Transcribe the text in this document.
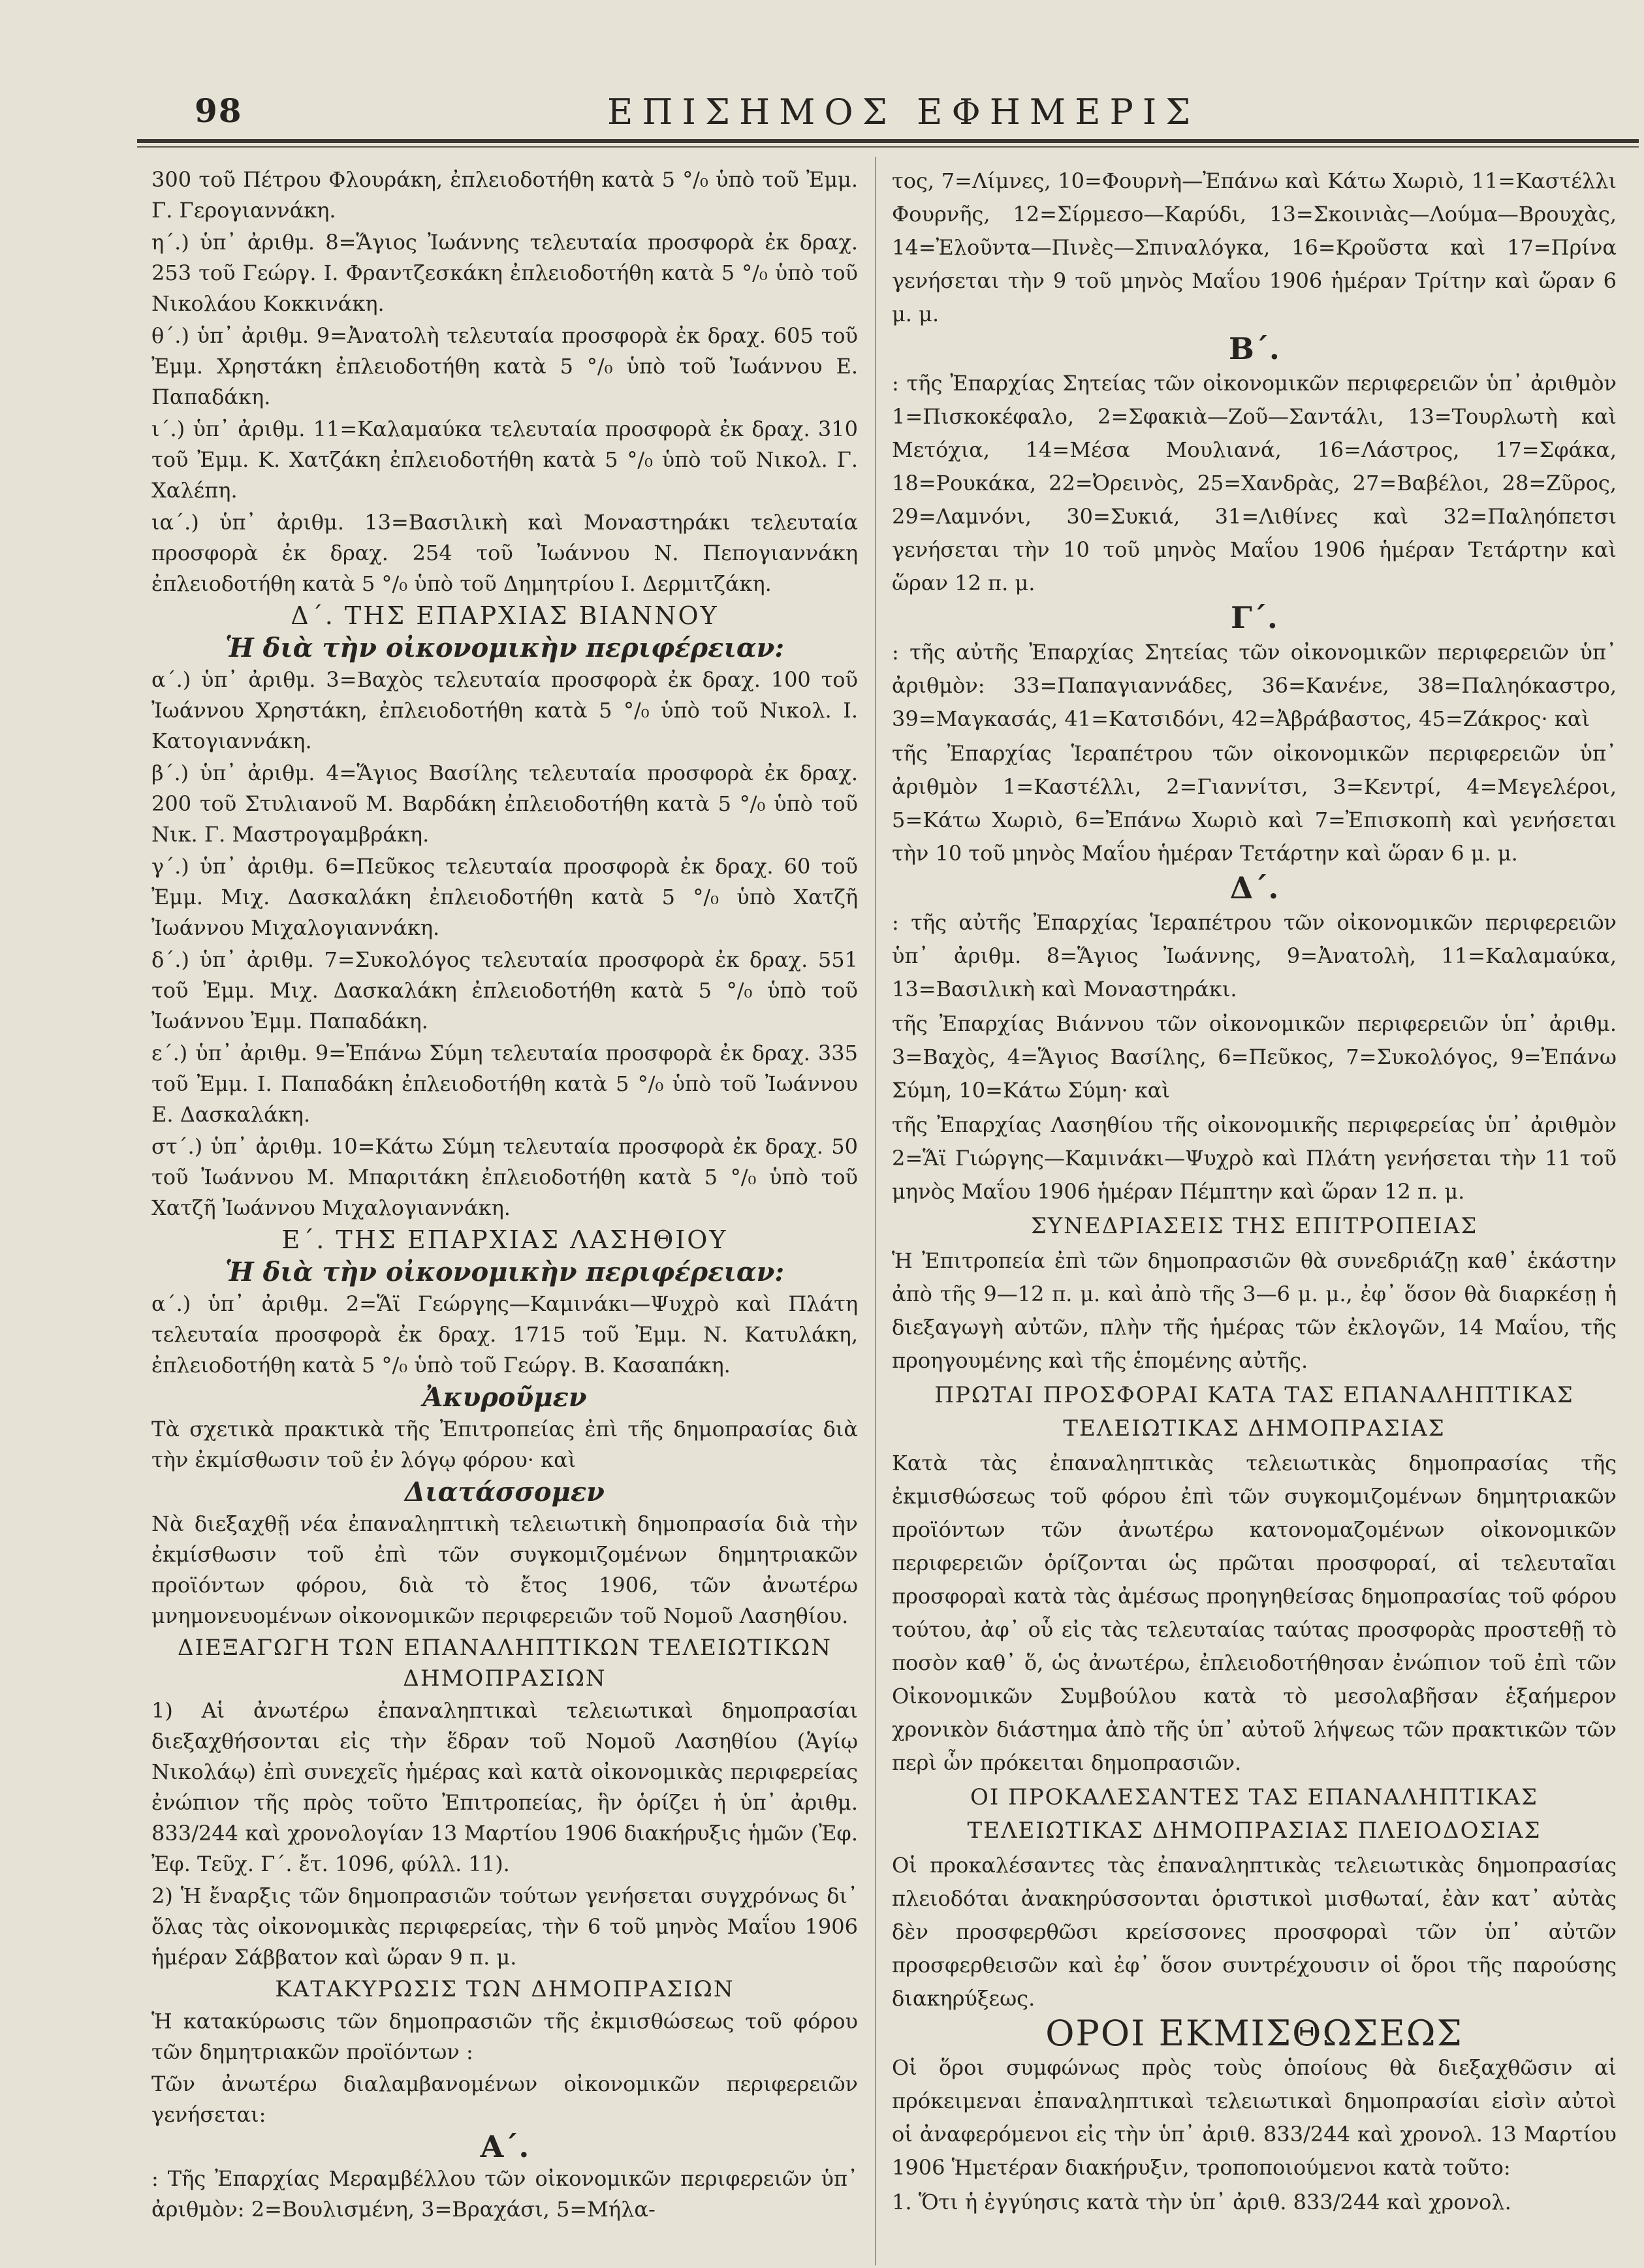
98	ΕΠΙΣΗΜΟΣ ΕΦΗΜΕΡΙΣ

300 τοῦ Πέτρου Φλουράκη, ἐπλειοδοτήθη κατὰ 5 °/₀ ὑπὸ τοῦ Ἐμμ. Γ. Γερογιαννάκη.

η΄.) ὑπ᾿ ἀριθμ. 8=Ἅγιος Ἰωάννης τελευταία προσφορὰ ἐκ δραχ. 253 τοῦ Γεώργ. Ι. Φραντζεσκάκη ἐπλειοδοτήθη κατὰ 5 °/₀ ὑπὸ τοῦ Νικολάου Κοκκινάκη.

θ΄.) ὑπ᾿ ἀριθμ. 9=Ἀνατολὴ τελευταία προσφορὰ ἐκ δραχ. 605 τοῦ Ἐμμ. Χρηστάκη ἐπλειοδοτήθη κατὰ 5 °/₀ ὑπὸ τοῦ Ἰωάννου Ε. Παπαδάκη.

ι΄.) ὑπ᾿ ἀριθμ. 11=Καλαμαύκα τελευταία προσφορὰ ἐκ δραχ. 310 τοῦ Ἐμμ. Κ. Χατζάκη ἐπλειοδοτήθη κατὰ 5 °/₀ ὑπὸ τοῦ Νικολ. Γ. Χαλέπη.

ια΄.) ὑπ᾿ ἀριθμ. 13=Βασιλικὴ καὶ Μοναστηράκι τελευταία προσφορὰ ἐκ δραχ. 254 τοῦ Ἰωάννου Ν. Πεπογιαννάκη ἐπλειοδοτήθη κατὰ 5 °/₀ ὑπὸ τοῦ Δημητρίου Ι. Δερμιτζάκη.

Δ΄. ΤΗΣ ΕΠΑΡΧΙΑΣ ΒΙΑΝΝΟΥ

Ἡ διὰ τὴν οἰκονομικὴν περιφέρειαν:

α΄.) ὑπ᾿ ἀριθμ. 3=Βαχὸς τελευταία προσφορὰ ἐκ δραχ. 100 τοῦ Ἰωάννου Χρηστάκη, ἐπλειοδοτήθη κατὰ 5 °/₀ ὑπὸ τοῦ Νικολ. Ι. Κατογιαννάκη.

β΄.) ὑπ᾿ ἀριθμ. 4=Ἅγιος Βασίλης τελευταία προσφορὰ ἐκ δραχ. 200 τοῦ Στυλιανοῦ Μ. Βαρδάκη ἐπλειοδοτήθη κατὰ 5 °/₀ ὑπὸ τοῦ Νικ. Γ. Μαστρογαμβράκη.

γ΄.) ὑπ᾿ ἀριθμ. 6=Πεῦκος τελευταία προσφορὰ ἐκ δραχ. 60 τοῦ Ἐμμ. Μιχ. Δασκαλάκη ἐπλειοδοτήθη κατὰ 5 °/₀ ὑπὸ Χατζῆ Ἰωάννου Μιχαλογιαννάκη.

δ΄.) ὑπ᾿ ἀριθμ. 7=Συκολόγος τελευταία προσφορὰ ἐκ δραχ. 551 τοῦ Ἐμμ. Μιχ. Δασκαλάκη ἐπλειοδοτήθη κατὰ 5 °/₀ ὑπὸ τοῦ Ἰωάννου Ἐμμ. Παπαδάκη.

ε΄.) ὑπ᾿ ἀριθμ. 9=Ἐπάνω Σύμη τελευταία προσφορὰ ἐκ δραχ. 335 τοῦ Ἐμμ. Ι. Παπαδάκη ἐπλειοδοτήθη κατὰ 5 °/₀ ὑπὸ τοῦ Ἰωάννου Ε. Δασκαλάκη.

στ΄.) ὑπ᾿ ἀριθμ. 10=Κάτω Σύμη τελευταία προσφορὰ ἐκ δραχ. 50 τοῦ Ἰωάννου Μ. Μπαριτάκη ἐπλειοδοτήθη κατὰ 5 °/₀ ὑπὸ τοῦ Χατζῆ Ἰωάννου Μιχαλογιαννάκη.

Ε΄. ΤΗΣ ΕΠΑΡΧΙΑΣ ΛΑΣΗΘΙΟΥ

Ἡ διὰ τὴν οἰκονομικὴν περιφέρειαν:

α΄.) ὑπ᾿ ἀριθμ. 2=Ἅϊ Γεώργης—Καμινάκι—Ψυχρὸ καὶ Πλάτη τελευταία προσφορὰ ἐκ δραχ. 1715 τοῦ Ἐμμ. Ν. Κατυλάκη, ἐπλειοδοτήθη κατὰ 5 °/₀ ὑπὸ τοῦ Γεώργ. Β. Κασαπάκη.

Ἀκυροῦμεν

Τὰ σχετικὰ πρακτικὰ τῆς Ἐπιτροπείας ἐπὶ τῆς δημοπρασίας διὰ τὴν ἐκμίσθωσιν τοῦ ἐν λόγῳ φόρου· καὶ

Διατάσσομεν

Νὰ διεξαχθῇ νέα ἐπαναληπτικὴ τελειωτικὴ δημοπρασία διὰ τὴν ἐκμίσθωσιν τοῦ ἐπὶ τῶν συγκομιζομένων δημητριακῶν προϊόντων φόρου, διὰ τὸ ἔτος 1906, τῶν ἀνωτέρω μνημονευομένων οἰκονομικῶν περιφερειῶν τοῦ Νομοῦ Λασηθίου.

ΔΙΕΞΑΓΩΓΗ ΤΩΝ ΕΠΑΝΑΛΗΠΤΙΚΩΝ ΤΕΛΕΙΩΤΙΚΩΝ ΔΗΜΟΠΡΑΣΙΩΝ

1) Αἱ ἀνωτέρω ἐπαναληπτικαὶ τελειωτικαὶ δημοπρασίαι διεξαχθήσονται εἰς τὴν ἕδραν τοῦ Νομοῦ Λασηθίου (Ἁγίῳ Νικολάῳ) ἐπὶ συνεχεῖς ἡμέρας καὶ κατὰ οἰκονομικὰς περιφερείας ἐνώπιον τῆς πρὸς τοῦτο Ἐπιτροπείας, ἣν ὁρίζει ἡ ὑπ᾿ ἀριθμ. 833/244 καὶ χρονολογίαν 13 Μαρτίου 1906 διακήρυξις ἡμῶν (Ἐφ. Ἐφ. Τεῦχ. Γ΄. ἔτ. 1096, φύλλ. 11).

2) Ἡ ἔναρξις τῶν δημοπρασιῶν τούτων γενήσεται συγχρόνως δι᾿ ὅλας τὰς οἰκονομικὰς περιφερείας, τὴν 6 τοῦ μηνὸς Μαΐου 1906 ἡμέραν Σάββατον καὶ ὥραν 9 π. μ.

ΚΑΤΑΚΥΡΩΣΙΣ ΤΩΝ ΔΗΜΟΠΡΑΣΙΩΝ

Ἡ κατακύρωσις τῶν δημοπρασιῶν τῆς ἐκμισθώσεως τοῦ φόρου τῶν δημητριακῶν προϊόντων :

Τῶν ἀνωτέρω διαλαμβανομένων οἰκονομικῶν περιφερειῶν γενήσεται:

Α΄.

: Τῆς Ἐπαρχίας Μεραμβέλλου τῶν οἰκονομικῶν περιφερειῶν ὑπ᾿ ἀριθμὸν: 2=Βουλισμένη, 3=Βραχάσι, 5=Μήλα-

τος, 7=Λίμνες, 10=Φουρνὴ—Ἐπάνω καὶ Κάτω Χωριὸ, 11=Καστέλλι Φουρνῆς, 12=Σίρμεσο—Καρύδι, 13=Σκοινιὰς—Λούμα—Βρουχὰς, 14=Ἐλοῦντα—Πινὲς—Σπιναλόγκα, 16=Κροῦστα καὶ 17=Πρίνα γενήσεται τὴν 9 τοῦ μηνὸς Μαΐου 1906 ἡμέραν Τρίτην καὶ ὥραν 6 μ. μ.

Β΄.

: τῆς Ἐπαρχίας Σητείας τῶν οἰκονομικῶν περιφερειῶν ὑπ᾿ ἀριθμὸν 1=Πισκοκέφαλο, 2=Σφακιὰ—Ζοῦ—Σαντάλι, 13=Τουρλωτὴ καὶ Μετόχια, 14=Μέσα Μουλιανά, 16=Λάστρος, 17=Σφάκα, 18=Ρουκάκα, 22=Ὀρεινὸς, 25=Χανδρὰς, 27=Βαβέλοι, 28=Ζῦρος, 29=Λαμνόνι, 30=Συκιά, 31=Λιθίνες καὶ 32=Παληόπετσι γενήσεται τὴν 10 τοῦ μηνὸς Μαΐου 1906 ἡμέραν Τετάρτην καὶ ὥραν 12 π. μ.

Γ΄.

: τῆς αὐτῆς Ἐπαρχίας Σητείας τῶν οἰκονομικῶν περιφερειῶν ὑπ᾿ ἀριθμὸν: 33=Παπαγιαννάδες, 36=Κανένε, 38=Παληόκαστρο, 39=Μαγκασάς, 41=Κατσιδόνι, 42=Ἀβράβαστος, 45=Ζάκρος· καὶ

τῆς Ἐπαρχίας Ἱεραπέτρου τῶν οἰκονομικῶν περιφερειῶν ὑπ᾿ ἀριθμὸν 1=Καστέλλι, 2=Γιαννίτσι, 3=Κεντρί, 4=Μεγελέροι, 5=Κάτω Χωριὸ, 6=Ἐπάνω Χωριὸ καὶ 7=Ἐπισκοπὴ καὶ γενήσεται τὴν 10 τοῦ μηνὸς Μαΐου ἡμέραν Τετάρτην καὶ ὥραν 6 μ. μ.

Δ΄.

: τῆς αὐτῆς Ἐπαρχίας Ἱεραπέτρου τῶν οἰκονομικῶν περιφερειῶν ὑπ᾿ ἀριθμ. 8=Ἅγιος Ἰωάννης, 9=Ἀνατολὴ, 11=Καλαμαύκα, 13=Βασιλικὴ καὶ Μοναστηράκι.

τῆς Ἐπαρχίας Βιάννου τῶν οἰκονομικῶν περιφερειῶν ὑπ᾿ ἀριθμ. 3=Βαχὸς, 4=Ἅγιος Βασίλης, 6=Πεῦκος, 7=Συκολόγος, 9=Ἐπάνω Σύμη, 10=Κάτω Σύμη· καὶ

τῆς Ἐπαρχίας Λασηθίου τῆς οἰκονομικῆς περιφερείας ὑπ᾿ ἀριθμὸν 2=Ἅϊ Γιώργης—Καμινάκι—Ψυχρὸ καὶ Πλάτη γενήσεται τὴν 11 τοῦ μηνὸς Μαΐου 1906 ἡμέραν Πέμπτην καὶ ὥραν 12 π. μ.

ΣΥΝΕΔΡΙΑΣΕΙΣ ΤΗΣ ΕΠΙΤΡΟΠΕΙΑΣ

Ἡ Ἐπιτροπεία ἐπὶ τῶν δημοπρασιῶν θὰ συνεδριάζῃ καθ᾿ ἑκάστην ἀπὸ τῆς 9—12 π. μ. καὶ ἀπὸ τῆς 3—6 μ. μ., ἐφ᾿ ὅσον θὰ διαρκέσῃ ἡ διεξαγωγὴ αὐτῶν, πλὴν τῆς ἡμέρας τῶν ἐκλογῶν, 14 Μαΐου, τῆς προηγουμένης καὶ τῆς ἑπομένης αὐτῆς.

ΠΡΩΤΑΙ ΠΡΟΣΦΟΡΑΙ ΚΑΤΑ ΤΑΣ ΕΠΑΝΑΛΗΠΤΙΚΑΣ ΤΕΛΕΙΩΤΙΚΑΣ ΔΗΜΟΠΡΑΣΙΑΣ

Κατὰ τὰς ἐπαναληπτικὰς τελειωτικὰς δημοπρασίας τῆς ἐκμισθώσεως τοῦ φόρου ἐπὶ τῶν συγκομιζομένων δημητριακῶν προϊόντων τῶν ἀνωτέρω κατονομαζομένων οἰκονομικῶν περιφερειῶν ὁρίζονται ὡς πρῶται προσφοραί, αἱ τελευταῖαι προσφοραὶ κατὰ τὰς ἀμέσως προηγηθείσας δημοπρασίας τοῦ φόρου τούτου, ἀφ᾿ οὗ εἰς τὰς τελευταίας ταύτας προσφορὰς προστεθῇ τὸ ποσὸν καθ᾿ ὅ, ὡς ἀνωτέρω, ἐπλειοδοτήθησαν ἐνώπιον τοῦ ἐπὶ τῶν Οἰκονομικῶν Συμβούλου κατὰ τὸ μεσολαβῆσαν ἑξαήμερον χρονικὸν διάστημα ἀπὸ τῆς ὑπ᾿ αὐτοῦ λήψεως τῶν πρακτικῶν τῶν περὶ ὧν πρόκειται δημοπρασιῶν.

ΟΙ ΠΡΟΚΑΛΕΣΑΝΤΕΣ ΤΑΣ ΕΠΑΝΑΛΗΠΤΙΚΑΣ ΤΕΛΕΙΩΤΙΚΑΣ ΔΗΜΟΠΡΑΣΙΑΣ ΠΛΕΙΟΔΟΣΙΑΣ

Οἱ προκαλέσαντες τὰς ἐπαναληπτικὰς τελειωτικὰς δημοπρασίας πλειοδόται ἀνακηρύσσονται ὁριστικοὶ μισθωταί, ἐὰν κατ᾿ αὐτὰς δὲν προσφερθῶσι κρείσσονες προσφοραὶ τῶν ὑπ᾿ αὐτῶν προσφερθεισῶν καὶ ἐφ᾿ ὅσον συντρέχουσιν οἱ ὅροι τῆς παρούσης διακηρύξεως.

ΟΡΟΙ ΕΚΜΙΣΘΩΣΕΩΣ

Οἱ ὅροι συμφώνως πρὸς τοὺς ὁποίους θὰ διεξαχθῶσιν αἱ πρόκειμεναι ἐπαναληπτικαὶ τελειωτικαὶ δημοπρασίαι εἰσὶν αὐτοὶ οἱ ἀναφερόμενοι εἰς τὴν ὑπ᾿ ἀριθ. 833/244 καὶ χρονολ. 13 Μαρτίου 1906 Ἡμετέραν διακήρυξιν, τροποποιούμενοι κατὰ τοῦτο:

1. Ὅτι ἡ ἐγγύησις κατὰ τὴν ὑπ᾿ ἀριθ. 833/244 καὶ χρονολ.
